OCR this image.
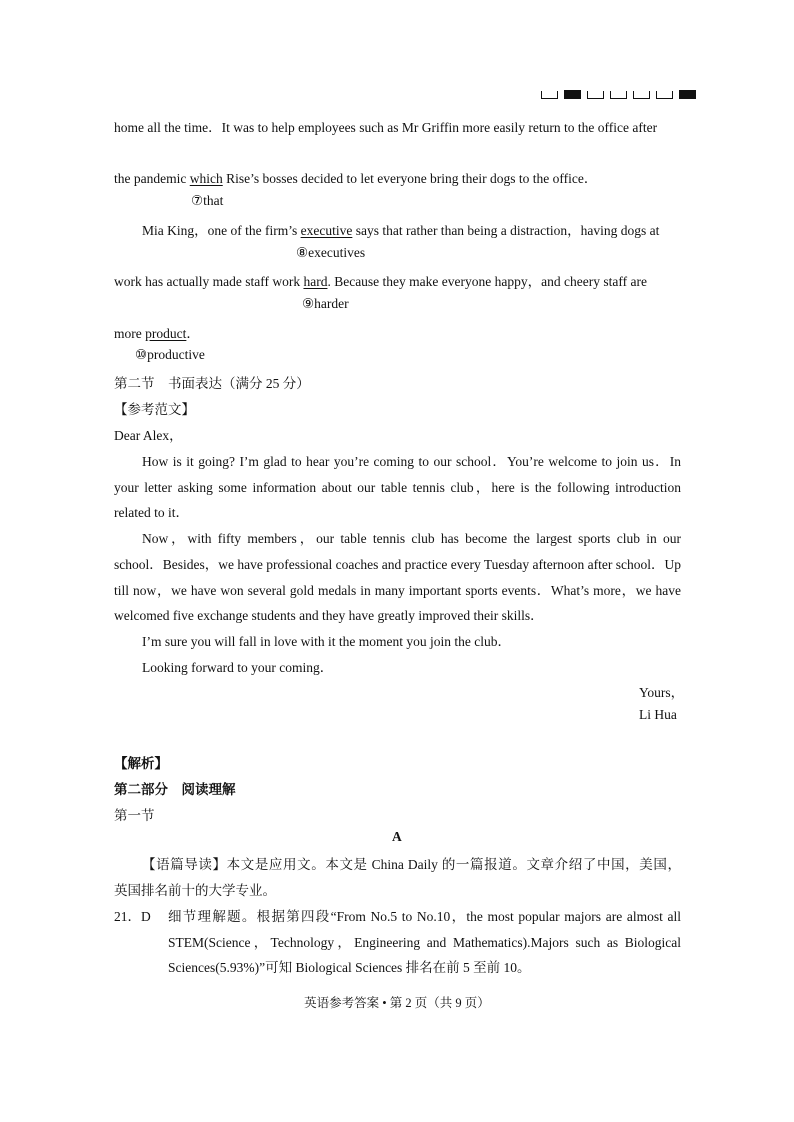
home all the time．It was to help employees such as Mr Griffin more easily return to the office after
the pandemic which Rise’s bosses decided to let everyone bring their dogs to the office．
⑦that
Mia King，one of the firm’s executive says that rather than being a distraction，having dogs at
⑧executives
work has actually made staff work hard. Because they make everyone happy，and cheery staff are
⑨harder
more product．
⑩productive
第二节　书面表达（满分 25 分）
【参考范文】
Dear Alex，
How is it going? I’m glad to hear you’re coming to our school．You’re welcome to join us．In
your letter asking some information about our table tennis club，here is the following introduction
related to it．
Now，with fifty members，our table tennis club has become the largest sports club in our
school．Besides，we have professional coaches and practice every Tuesday afternoon after school．Up
till now，we have won several gold medals in many important sports events．What’s more，we have
welcomed five exchange students and they have greatly improved their skills．
I’m sure you will fall in love with it the moment you join the club．
Looking forward to your coming．
Yours，
Li Hua
【解析】
第二部分　阅读理解
第一节
A
【语篇导读】本文是应用文。本文是 China Daily 的一篇报道。文章介绍了中国，美国，
英国排名前十的大学专业。
21．D 细节理解题。根据第四段“From No.5 to No.10，the most popular majors are almost all
STEM(Science，Technology，Engineering and Mathematics).Majors such as Biological
Sciences(5.93%)”可知 Biological Sciences 排名在前 5 至前 10。
英语参考答案 • 第 2 页（共 9 页）
